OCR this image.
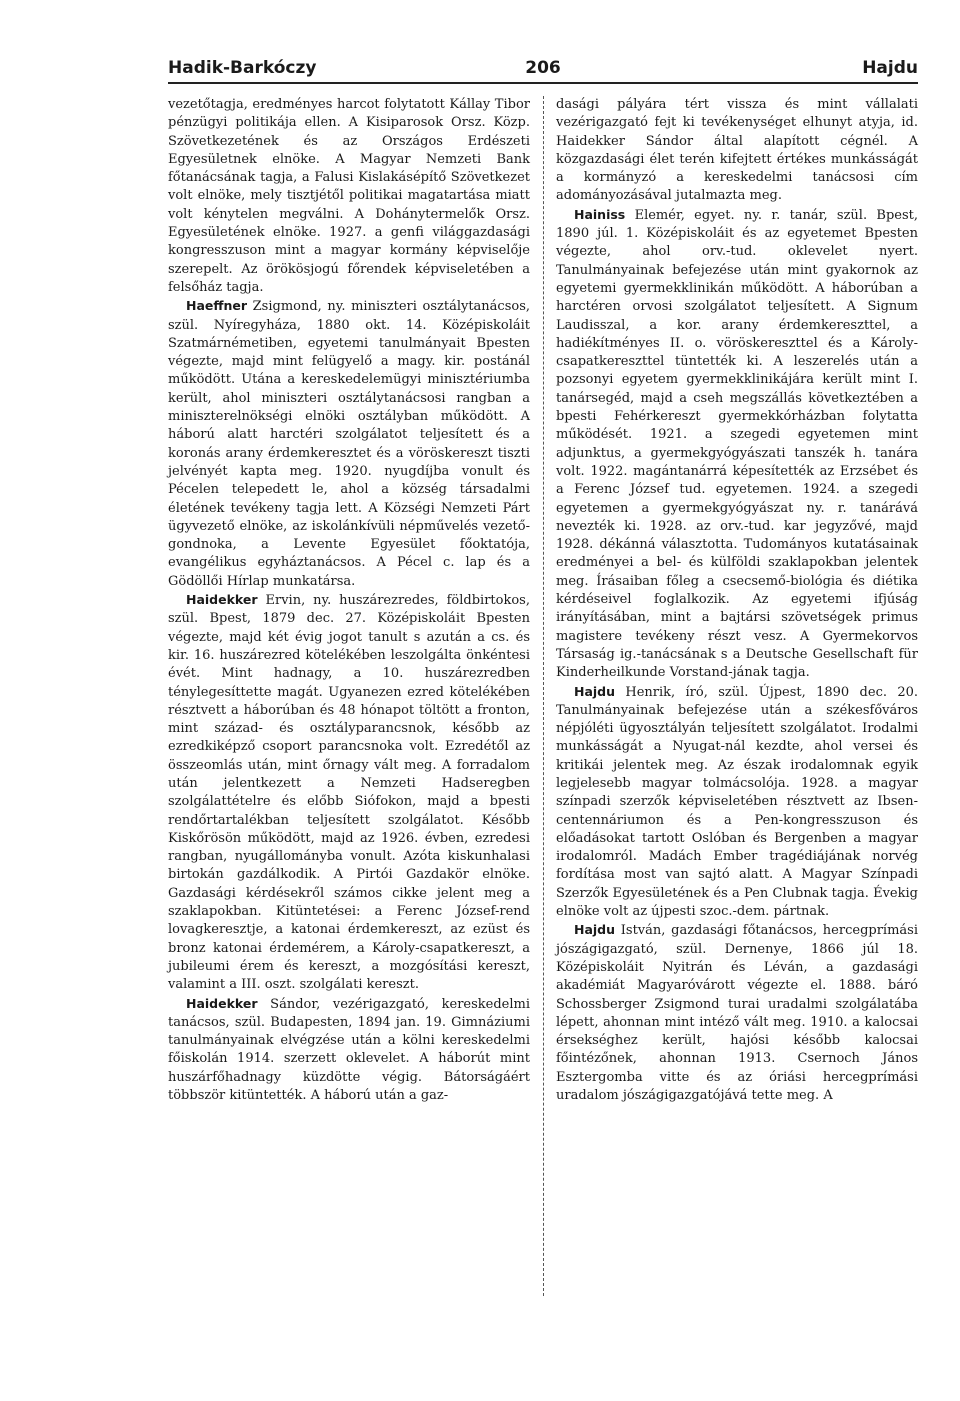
206
Hadik-Barkóczy	Hajdu

vezetőtagja, eredményes harcot folytatott Kállay Tibor pénzügyi politikája ellen. A Kisiparosok Orsz. Közp. Szövetkezetének és az Országos Erdészeti Egyesületnek elnöke. A Magyar Nemzeti Bank főtanácsának tagja, a Falusi Kislakásépítő Szövetkezet volt elnöke, mely tisztjétől politikai magatartása miatt volt kénytelen megválni. A Dohánytermelők Orsz. Egyesületének elnöke. 1927. a genfi világgazdasági kongresszuson mint a magyar kormány képviselője szerepelt. Az örökösjogú főrendek képviseletében a felsőház tagja.

Haeffner Zsigmond, ny. miniszteri osztálytanácsos, szül. Nyíregyháza, 1880 okt. 14. Középiskoláit Szatmárnémetiben, egyetemi tanulmányait Bpesten végezte, majd mint felügyelő a magy. kir. postánál működött. Utána a kereskedelemügyi minisztériumba került, ahol miniszteri osztálytanácsosi rangban a miniszterelnökségi elnöki osztályban működött. A háború alatt harctéri szolgálatot teljesített és a koronás arany érdemkeresztet és a vöröskereszt tiszti jelvényét kapta meg. 1920. nyugdíjba vonult és Pécelen telepedett le, ahol a község társadalmi életének tevékeny tagja lett. A Községi Nemzeti Párt ügyvezető elnöke, az iskolánkívüli népművelés vezető-gondnoka, a Levente Egyesület főoktatója, evangélikus egyháztanácsos. A Pécel c. lap és a Gödöllői Hírlap munkatársa.

Haidekker Ervin, ny. huszárezredes, földbirtokos, szül. Bpest, 1879 dec. 27. Középiskoláit Bpesten végezte, majd két évig jogot tanult s azután a cs. és kir. 16. huszárezred kötelékében leszolgálta önkéntesi évét. Mint hadnagy, a 10. huszárezredben ténylegesíttette magát. Ugyanezen ezred kötelékében résztvett a háborúban és 48 hónapot töltött a fronton, mint század- és osztályparancsnok, később az ezredkiképző csoport parancsnoka volt. Ezredétől az összeomlás után, mint őrnagy vált meg. A forradalom után jelentkezett a Nemzeti Hadseregben szolgálattételre és előbb Siófokon, majd a bpesti rendőrtartalékban teljesített szolgálatot. Később Kiskőrösön működött, majd az 1926. évben, ezredesi rangban, nyugállományba vonult. Azóta kiskunhalasi birtokán gazdálkodik. A Pirtói Gazdakör elnöke. Gazdasági kérdésekről számos cikke jelent meg a szaklapokban. Kitüntetései: a Ferenc József-rend lovagkeresztje, a katonai érdemkereszt, az ezüst és bronz katonai érdemérem, a Károly-csapatkereszt, a jubileumi érem és kereszt, a mozgósítási kereszt, valamint a III. oszt. szolgálati kereszt.

Haidekker Sándor, vezérigazgató, kereskedelmi tanácsos, szül. Budapesten, 1894 jan. 19. Gimnáziumi tanulmányainak elvégzése után a kölni kereskedelmi főiskolán 1914. szerzett oklevelet. A háborút mint huszárfőhadnagy küzdötte végig. Bátorságáért többször kitüntették. A háború után a gaz-

dasági pályára tért vissza és mint vállalati vezérigazgató fejt ki tevékenységet elhunyt atyja, id. Haidekker Sándor által alapított cégnél. A közgazdasági élet terén kifejtett értékes munkásságát a kormányzó a kereskedelmi tanácsosi cím adományozásával jutalmazta meg.

Hainiss Elemér, egyet. ny. r. tanár, szül. Bpest, 1890 júl. 1. Középiskoláit és az egyetemet Bpesten végezte, ahol orv.-tud. oklevelet nyert. Tanulmányainak befejezése után mint gyakornok az egyetemi gyermekklinikán működött. A háborúban a harctéren orvosi szolgálatot teljesített. A Signum Laudisszal, a kor. arany érdemkereszttel, a hadiékítményes II. o. vöröskereszttel és a Károly-csapatkereszttel tüntették ki. A leszerelés után a pozsonyi egyetem gyermekklinikájára került mint I. tanársegéd, majd a cseh megszállás következtében a bpesti Fehérkereszt gyermekkórházban folytatta működését. 1921. a szegedi egyetemen mint adjunktus, a gyermekgyógyászati tanszék h. tanára volt. 1922. magántanárrá képesítették az Erzsébet és a Ferenc József tud. egyetemen. 1924. a szegedi egyetemen a gyermekgyógyászat ny. r. tanárává nevezték ki. 1928. az orv.-tud. kar jegyzővé, majd 1928. dékánná választotta. Tudományos kutatásainak eredményei a bel- és külföldi szaklapokban jelentek meg. Írásaiban főleg a csecsemő-biológia és diétika kérdéseivel foglalkozik. Az egyetemi ifjúság irányításában, mint a bajtársi szövetségek primus magistere tevékeny részt vesz. A Gyermekorvos Társaság ig.-tanácsának s a Deutsche Gesellschaft für Kinderheilkunde Vorstand-jának tagja.

Hajdu Henrik, író, szül. Újpest, 1890 dec. 20. Tanulmányainak befejezése után a székesfőváros népjóléti ügyosztályán teljesített szolgálatot. Irodalmi munkásságát a Nyugat-nál kezdte, ahol versei és kritikái jelentek meg. Az észak irodalomnak egyik legjelesebb magyar tolmácsolója. 1928. a magyar színpadi szerzők képviseletében résztvett az Ibsen-centennáriumon és a Pen-kongresszuson és előadásokat tartott Oslóban és Bergenben a magyar irodalomról. Madách Ember tragédiájának norvég fordítása most van sajtó alatt. A Magyar Színpadi Szerzők Egyesületének és a Pen Clubnak tagja. Évekig elnöke volt az újpesti szoc.-dem. pártnak.

Hajdu István, gazdasági főtanácsos, hercegprímási jószágigazgató, szül. Dernenye, 1866 júl 18. Középiskoláit Nyitrán és Léván, a gazdasági akadémiát Magyaróvárott végezte el. 1888. báró Schossberger Zsigmond turai uradalmi szolgálatába lépett, ahonnan mint intéző vált meg. 1910. a kalocsai érsekséghez került, hajósi később kalocsai főintézőnek, ahonnan 1913. Csernoch János Esztergomba vitte és az óriási hercegprímási uradalom jószágigazgatójává tette meg. A
